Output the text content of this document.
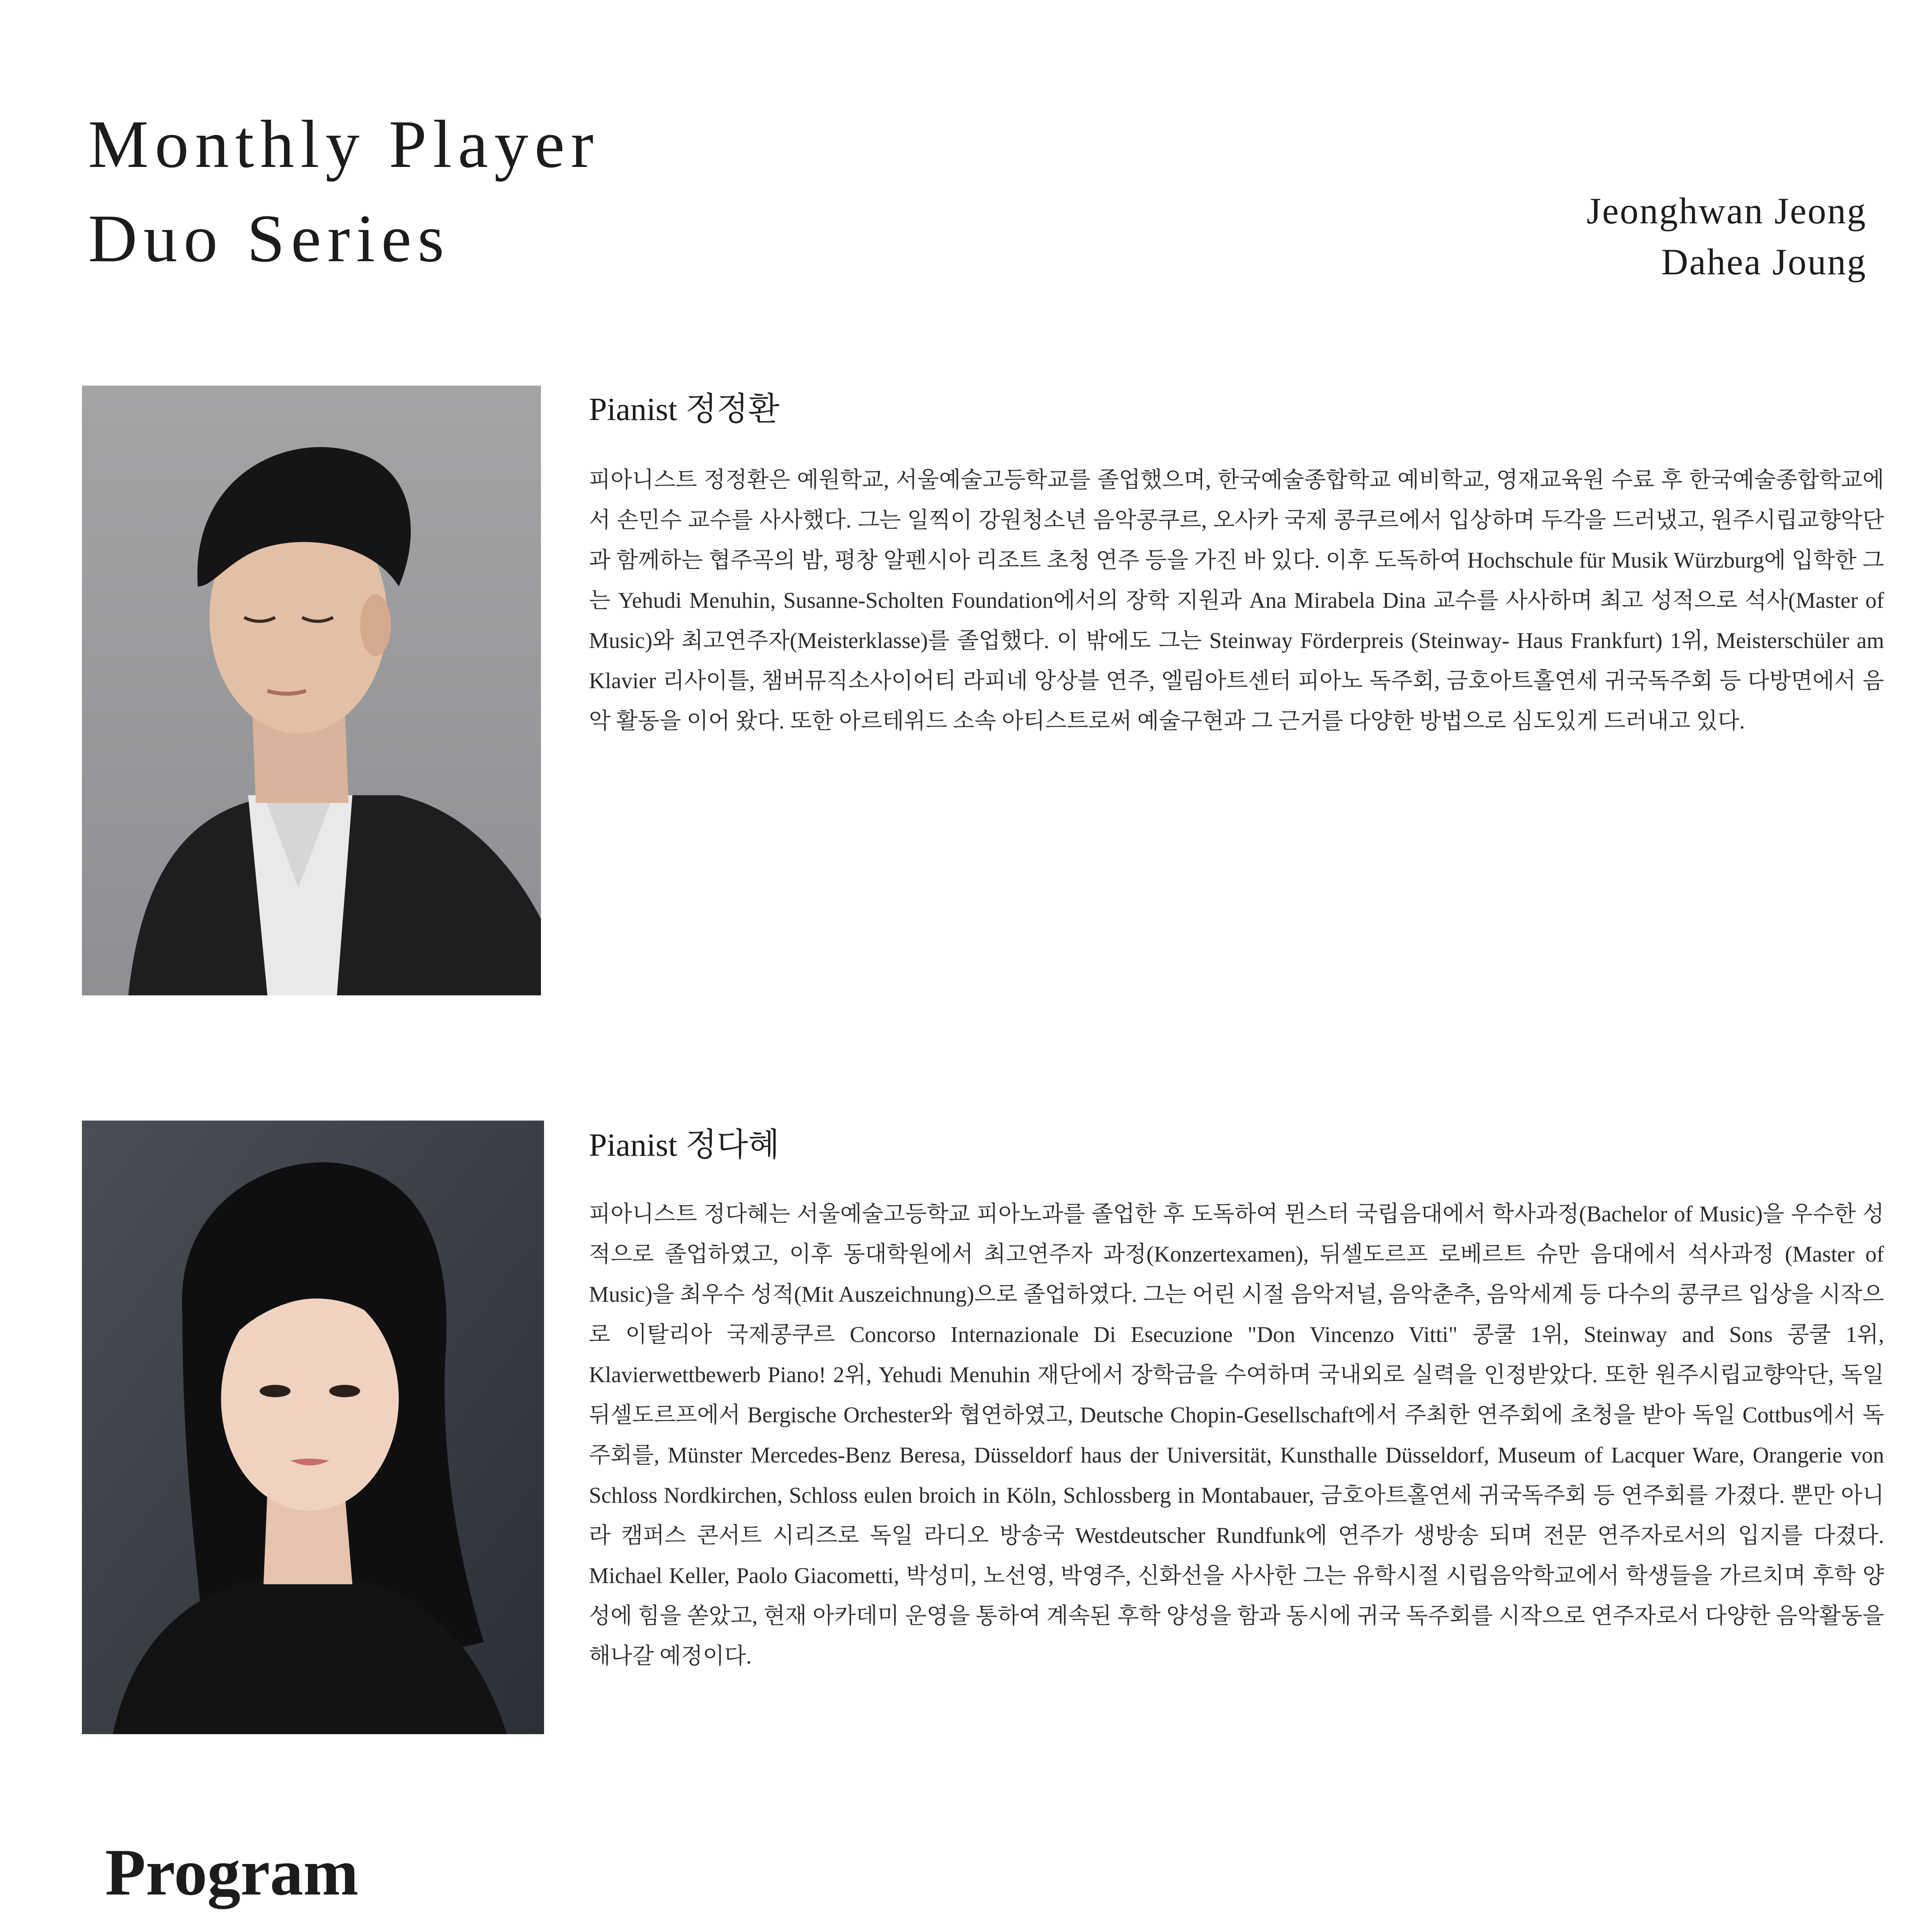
Monthly Player
Duo Series	Jeonghwan Jeong
Dahea Joung
Pianist 정정환
피아니스트 정정환은 예원학교, 서울예술고등학교를 졸업했으며, 한국예술종합학교 예비학교, 영재교육원 수료 후 한국예술종합학교에서 손민수 교수를 사사했다. 그는 일찍이 강원청소년 음악콩쿠르, 오사카 국제 콩쿠르에서 입상하며 두각을 드러냈고, 원주시립교향악단과 함께하는 협주곡의 밤, 평창 알펜시아 리조트 초청 연주 등을 가진 바 있다. 이후 도독하여 Hochschule für Musik Würzburg에 입학한 그는 Yehudi Menuhin, Susanne-Scholten Foundation에서의 장학 지원과 Ana Mirabela Dina 교수를 사사하며 최고 성적으로 석사(Master of Music)와 최고연주자(Meisterklasse)를 졸업했다. 이 밖에도 그는 Steinway Förderpreis (Steinway- Haus Frankfurt) 1위, Meisterschüler am Klavier 리사이틀, 챔버뮤직소사이어티 라피네 앙상블 연주, 엘림아트센터 피아노 독주회, 금호아트홀연세 귀국독주회 등 다방면에서 음악 활동을 이어 왔다. 또한 아르테위드 소속 아티스트로써 예술구현과 그 근거를 다양한 방법으로 심도있게 드러내고 있다.
Pianist 정다혜
피아니스트 정다혜는 서울예술고등학교 피아노과를 졸업한 후 도독하여 뮌스터 국립음대에서 학사과정(Bachelor of Music)을 우수한 성적으로 졸업하였고, 이후 동대학원에서 최고연주자 과정(Konzertexamen), 뒤셀도르프 로베르트 슈만 음대에서 석사과정 (Master of Music)을 최우수 성적(Mit Auszeichnung)으로 졸업하였다. 그는 어린 시절 음악저널, 음악춘추, 음악세계 등 다수의 콩쿠르 입상을 시작으로 이탈리아 국제콩쿠르 Concorso Internazionale Di Esecuzione "Don Vincenzo Vitti" 콩쿨 1위, Steinway and Sons 콩쿨 1위, Klavierwettbewerb Piano! 2위, Yehudi Menuhin 재단에서 장학금을 수여하며 국내외로 실력을 인정받았다. 또한 원주시립교향악단, 독일 뒤셀도르프에서 Bergische Orchester와 협연하였고, Deutsche Chopin-Gesellschaft에서 주최한 연주회에 초청을 받아 독일 Cottbus에서 독주회를, Münster Mercedes-Benz Beresa, Düsseldorf haus der Universität, Kunsthalle Düsseldorf, Museum of Lacquer Ware, Orangerie von Schloss Nordkirchen, Schloss eulen broich in Köln, Schlossberg in Montabauer, 금호아트홀연세 귀국독주회 등 연주회를 가졌다. 뿐만 아니라 캠퍼스 콘서트 시리즈로 독일 라디오 방송국 Westdeutscher Rundfunk에 연주가 생방송 되며 전문 연주자로서의 입지를 다졌다. Michael Keller, Paolo Giacometti, 박성미, 노선영, 박영주, 신화선을 사사한 그는 유학시절 시립음악학교에서 학생들을 가르치며 후학 양성에 힘을 쏟았고, 현재 아카데미 운영을 통하여 계속된 후학 양성을 함과 동시에 귀국 독주회를 시작으로 연주자로서 다양한 음악활동을 해나갈 예정이다.
Program
